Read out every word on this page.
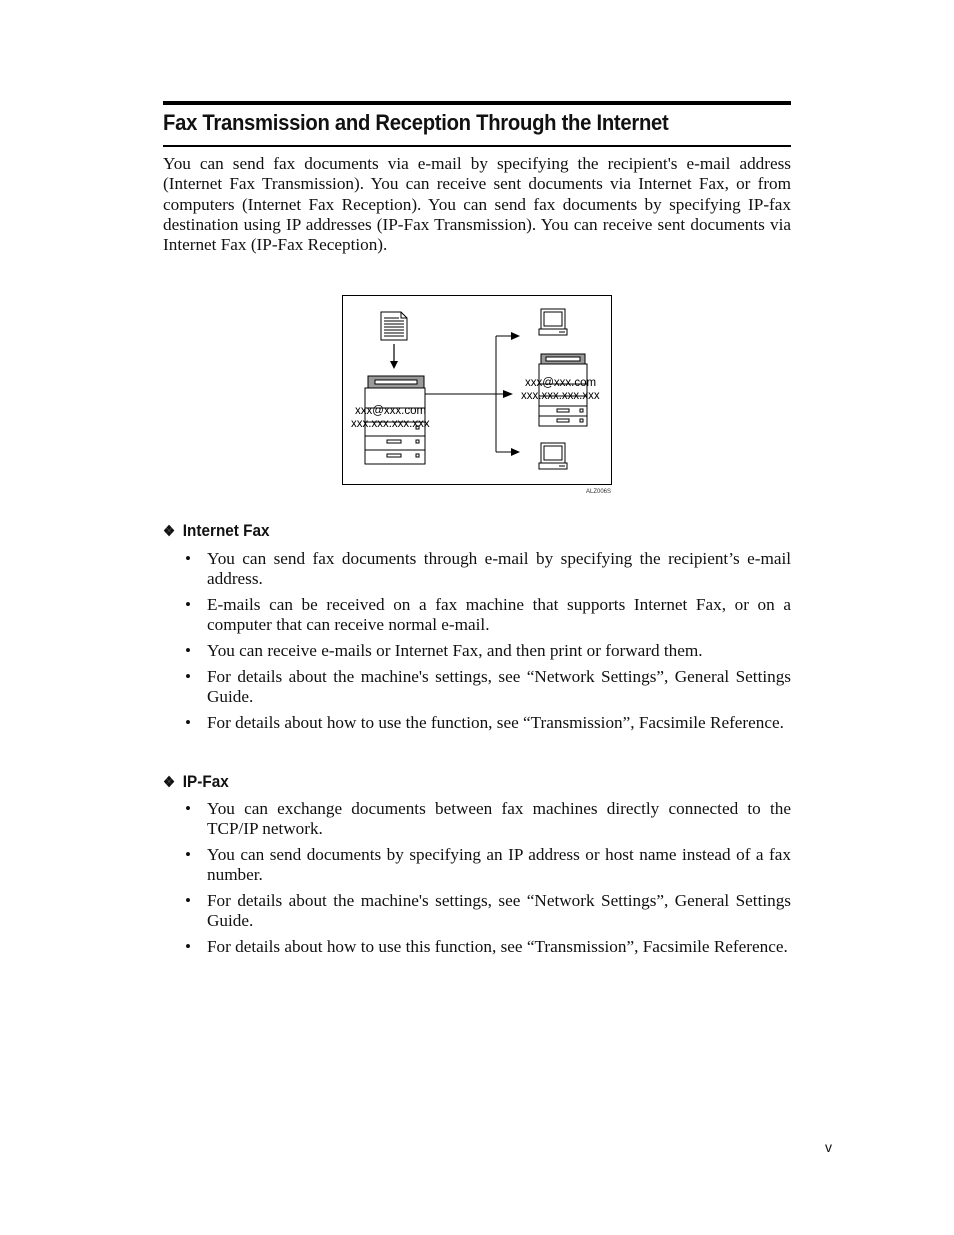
Fax Transmission and Reception Through the Internet

You can send fax documents via e-mail by specifying the recipient's e-mail address (Internet Fax Transmission). You can receive sent documents via Internet Fax, or from computers (Internet Fax Reception). You can send fax documents by specifying IP-fax destination using IP addresses (IP-Fax Transmission). You can receive sent documents via Internet Fax (IP-Fax Reception).

xxx@xxx.com
xxx.xxx.xxx.xxx
xxx@xxx.com
xxx.xxx.xxx.xxx
ALZ006S
❖ Internet Fax
• You can send fax documents through e-mail by specifying the recipient’s e-mail address.
• E-mails can be received on a fax machine that supports Internet Fax, or on a computer that can receive normal e-mail.
• You can receive e-mails or Internet Fax, and then print or forward them.
• For details about the machine's settings, see “Network Settings”, General Settings Guide.
• For details about how to use the function, see “Transmission”, Facsimile Reference.
❖ IP-Fax
• You can exchange documents between fax machines directly connected to the TCP/IP network.
• You can send documents by specifying an IP address or host name instead of a fax number.
• For details about the machine's settings, see “Network Settings”, General Settings Guide.
• For details about how to use this function, see “Transmission”, Facsimile Reference.
v
